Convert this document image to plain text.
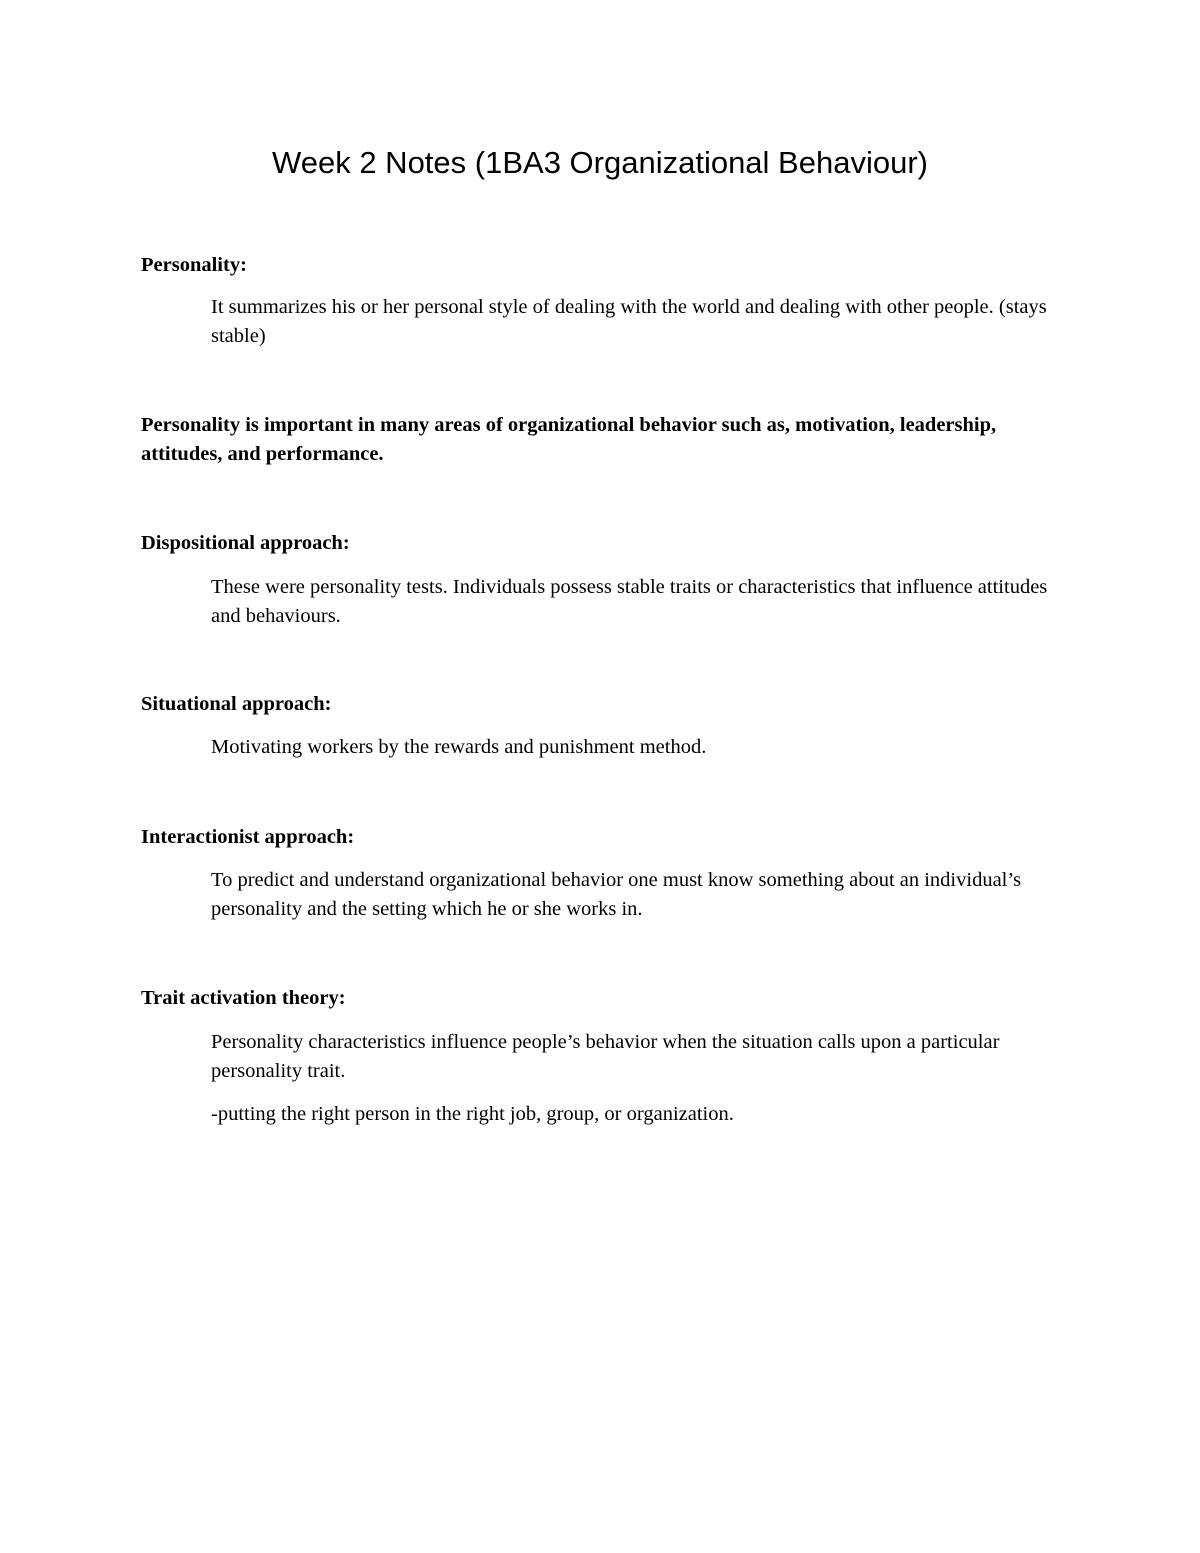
Week 2 Notes (1BA3 Organizational Behaviour)

Personality:

It summarizes his or her personal style of dealing with the world and dealing with other people. (stays stable)

Personality is important in many areas of organizational behavior such as, motivation, leadership, attitudes, and performance.

Dispositional approach:

These were personality tests. Individuals possess stable traits or characteristics that influence attitudes and behaviours.

Situational approach:

Motivating workers by the rewards and punishment method.

Interactionist approach:

To predict and understand organizational behavior one must know something about an individual’s personality and the setting which he or she works in.

Trait activation theory:

Personality characteristics influence people’s behavior when the situation calls upon a particular personality trait.

-putting the right person in the right job, group, or organization.
